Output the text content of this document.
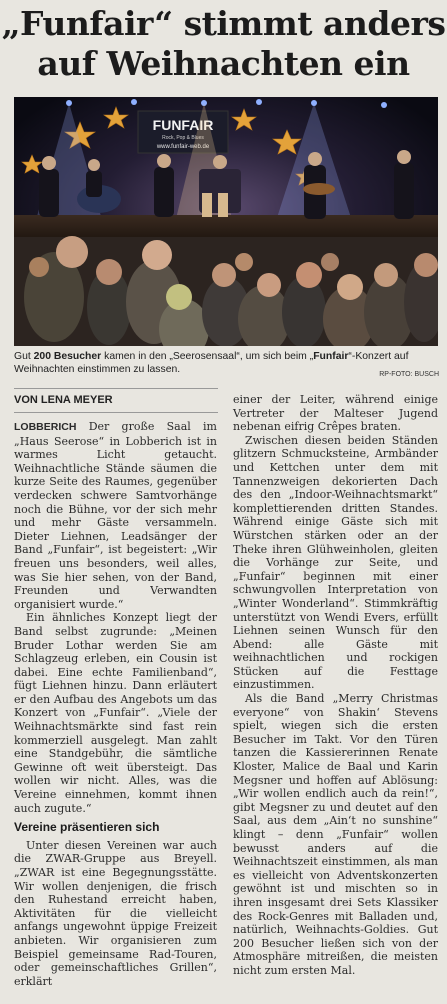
„Funfair“ stimmt anders
auf Weihnachten ein
FUNFAIR
Rock, Pop & Blues
www.funfair-web.de
Gut 200 Besucher kamen in den „Seerosensaal“, um sich beim „Funfair“-Konzert auf Weihnachten einstimmen zu lassen.	RP-FOTO: BUSCH
VON LENA MEYER

LOBBERICH Der große Saal im „Haus Seerose“ in Lobberich ist in warmes Licht getaucht. Weihnachtliche Stände säumen die kurze Seite des Raumes, gegenüber verdecken schwere Samtvorhänge noch die Bühne, vor der sich mehr und mehr Gäste versammeln. Dieter Liehnen, Leadsänger der Band „Funfair“, ist begeistert: „Wir freuen uns besonders, weil alles, was Sie hier sehen, von der Band, Freunden und Verwandten organisiert wurde.“

Ein ähnliches Konzept liegt der Band selbst zugrunde: „Meinen Bruder Lothar werden Sie am Schlagzeug erleben, ein Cousin ist dabei. Eine echte Familienband“, fügt Liehnen hinzu. Dann erläutert er den Aufbau des Angebots um das Konzert von „Funfair“. „Viele der Weihnachtsmärkte sind fast rein kommerziell ausgelegt. Man zahlt eine Standgebühr, die sämtliche Gewinne oft weit übersteigt. Das wollen wir nicht. Alles, was die Vereine einnehmen, kommt ihnen auch zugute.“

Vereine präsentieren sich

Unter diesen Vereinen war auch die ZWAR-Gruppe aus Breyell. „ZWAR ist eine Begegnungsstätte. Wir wollen denjenigen, die frisch den Ruhestand erreicht haben, Aktivitäten für die vielleicht anfangs ungewohnt üppige Freizeit anbieten. Wir organisieren zum Beispiel gemeinsame Rad-Touren, oder gemeinschaftliches Grillen“, erklärt

einer der Leiter, während einige Vertreter der Malteser Jugend nebenan eifrig Crêpes braten.

Zwischen diesen beiden Ständen glitzern Schmucksteine, Armbänder und Kettchen unter dem mit Tannenzweigen dekorierten Dach des den „Indoor-Weihnachtsmarkt“ komplettierenden dritten Standes. Während einige Gäste sich mit Würstchen stärken oder an der Theke ihren Glühweinholen, gleiten die Vorhänge zur Seite, und „Funfair“ beginnen mit einer schwungvollen Interpretation von „Winter Wonderland“. Stimmkräftig unterstützt von Wendi Evers, erfüllt Liehnen seinen Wunsch für den Abend: alle Gäste mit weihnachtlichen und rockigen Stücken auf die Festtage einzustimmen.

Als die Band „Merry Christmas everyone“ von Shakin‘ Stevens spielt, wiegen sich die ersten Besucher im Takt. Vor den Türen tanzen die Kassiererinnen Renate Kloster, Malice de Baal und Karin Megsner und hoffen auf Ablösung: „Wir wollen endlich auch da rein!“, gibt Megsner zu und deutet auf den Saal, aus dem „Ain‘t no sunshine“ klingt – denn „Funfair“ wollen bewusst anders auf die Weihnachtszeit einstimmen, als man es vielleicht von Adventskonzerten gewöhnt ist und mischten so in ihren insgesamt drei Sets Klassiker des Rock-Genres mit Balladen und, natürlich, Weihnachts-Goldies. Gut 200 Besucher ließen sich von der Atmosphäre mitreißen, die meisten nicht zum ersten Mal.
